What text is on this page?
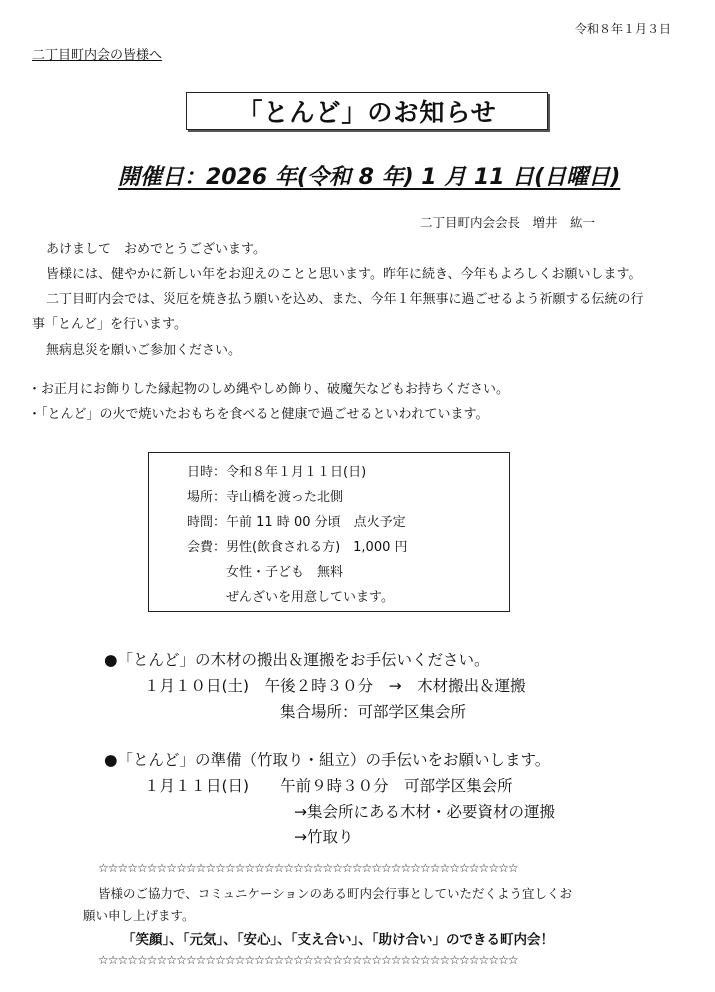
令和８年１月３日
二丁目町内会の皆様へ
「とんど」のお知らせ
開催日：2026 年(令和 8 年) 1 月 11 日(日曜日)
二丁目町内会会長　増井　紘一
あけまして　おめでとうございます。
皆様には、健やかに新しい年をお迎えのことと思います。昨年に続き、今年もよろしくお願いします。
二丁目町内会では、災厄を焼き払う願いを込め、また、今年１年無事に過ごせるよう祈願する伝統の行
事「とんど」を行います。
無病息災を願いご参加ください。
・お正月にお飾りした縁起物のしめ縄やしめ飾り、破魔矢などもお持ちください。
・「とんど」の火で焼いたおもちを食べると健康で過ごせるといわれています。
日時：令和８年１月１１日(日)
場所：寺山橋を渡った北側
時間：午前 11 時 00 分頃　点火予定
会費：男性(飲食される方)　1,000 円
　　　女性・子ども　無料
　　　ぜんざいを用意しています。
●「とんど」の木材の搬出＆運搬をお手伝いください。
１月１０日(土)　午後２時３０分　→　木材搬出＆運搬
集合場所：可部学区集会所
●「とんど」の準備（竹取り・組立）の手伝いをお願いします。
１月１１日(日)　　午前９時３０分　可部学区集会所
→集会所にある木材・必要資材の運搬
→竹取り
☆☆☆☆☆☆☆☆☆☆☆☆☆☆☆☆☆☆☆☆☆☆☆☆☆☆☆☆☆☆☆☆☆☆☆☆☆☆☆☆☆☆☆
皆様のご協力で、コミュニケーションのある町内会行事としていただくよう宜しくお
願い申し上げます。
「笑顔」、「元気」、「安心」、「支え合い」、「助け合い」のできる町内会！
☆☆☆☆☆☆☆☆☆☆☆☆☆☆☆☆☆☆☆☆☆☆☆☆☆☆☆☆☆☆☆☆☆☆☆☆☆☆☆☆☆☆☆
